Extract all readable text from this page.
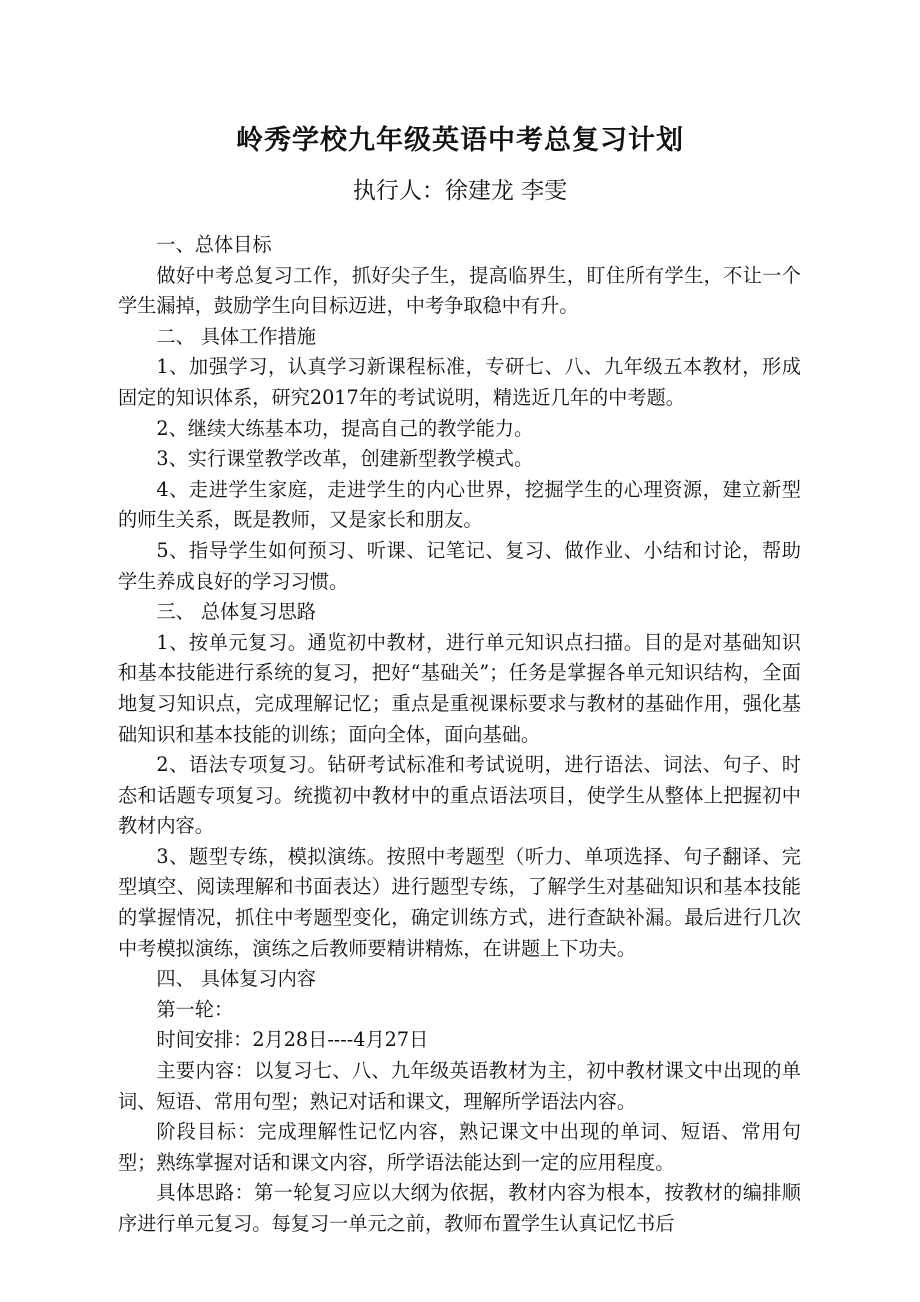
岭秀学校九年级英语中考总复习计划
执行人：徐建龙 李雯

一、总体目标

做好中考总复习工作，抓好尖子生，提高临界生，盯住所有学生，不让一个学生漏掉，鼓励学生向目标迈进，中考争取稳中有升。

二、 具体工作措施

1、加强学习，认真学习新课程标准，专研七、八、九年级五本教材，形成固定的知识体系，研究2017年的考试说明，精选近几年的中考题。

2、继续大练基本功，提高自己的教学能力。

3、实行课堂教学改革，创建新型教学模式。

4、走进学生家庭，走进学生的内心世界，挖掘学生的心理资源，建立新型的师生关系，既是教师，又是家长和朋友。

5、指导学生如何预习、听课、记笔记、复习、做作业、小结和讨论，帮助学生养成良好的学习习惯。

三、 总体复习思路

1、按单元复习。通览初中教材，进行单元知识点扫描。目的是对基础知识和基本技能进行系统的复习，把好“基础关”；任务是掌握各单元知识结构，全面地复习知识点，完成理解记忆；重点是重视课标要求与教材的基础作用，强化基础知识和基本技能的训练；面向全体，面向基础。

2、语法专项复习。钻研考试标准和考试说明，进行语法、词法、句子、时态和话题专项复习。统揽初中教材中的重点语法项目，使学生从整体上把握初中教材内容。

3、题型专练，模拟演练。按照中考题型（听力、单项选择、句子翻译、完型填空、阅读理解和书面表达）进行题型专练，了解学生对基础知识和基本技能的掌握情况，抓住中考题型变化，确定训练方式，进行查缺补漏。最后进行几次中考模拟演练，演练之后教师要精讲精炼，在讲题上下功夫。

四、 具体复习内容

第一轮：

时间安排：2月28日----4月27日

主要内容：以复习七、八、九年级英语教材为主，初中教材课文中出现的单词、短语、常用句型；熟记对话和课文，理解所学语法内容。

阶段目标：完成理解性记忆内容，熟记课文中出现的单词、短语、常用句型；熟练掌握对话和课文内容，所学语法能达到一定的应用程度。

具体思路：第一轮复习应以大纲为依据，教材内容为根本，按教材的编排顺序进行单元复习。每复习一单元之前，教师布置学生认真记忆书后
